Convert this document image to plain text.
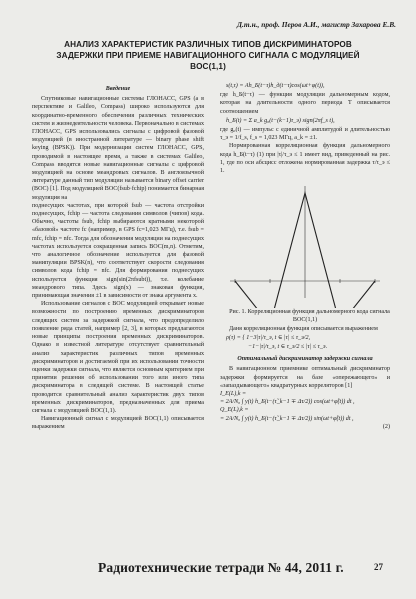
Д.т.н., проф. Перов А.И., магистр Захарова Е.В.
АНАЛИЗ ХАРАКТЕРИСТИК РАЗЛИЧНЫХ ТИПОВ ДИСКРИМИНАТОРОВ ЗАДЕРЖКИ ПРИ ПРИЕМЕ НАВИГАЦИОННОГО СИГНАЛА С МОДУЛЯЦИЕЙ BOC(1,1)
Введение

Спутниковые навигационные системы ГЛОНАСС, GPS (а в перспективе и Galileo, Compass) широко используются для координатно-временного обеспечения различных технических систем и жизнедеятельности человека. Первоначально в системах ГЛОНАСС, GPS использовались сигналы с цифровой фазовой модуляцией (в иностранной литературе — binary phase shift keying (BPSK)). При модернизации систем ГЛОНАСС, GPS, проводимой в настоящее время, а также в системах Galileo, Compass вводятся новые навигационные сигналы с цифровой модуляцией на основе меандровых сигналов. В англоязычной литературе данный тип модуляции называется binary offset carrier (BOC) [1]. Под модуляцией BOC(fsub·fchip) понимается бинарная модуляция на

поднесущих частотах, при которой fsub — частота отстройки поднесущих, fchip — частота следования символов (чипов) кода. Обычно, частоты fsub, fchip выбираются кратными некоторой «базовой» частоте fc (например, в GPS fc=1,023 МГц), т.е. fsub = mfc, fchip = nfc. Тогда для обозначения модуляции на поднесущих частотах используется сокращенная запись BOC(m,n). Отметим, что аналогичное обозначение используется для фазовой манипуляции BPSK(n), что соответствует скорости следования символов кода fchip = nfc. Для формирования поднесущих используется функция sign(sin(2πfsubt)), т.е. колебание меандрового типа. Здесь sign(x) — знаковая функция, принимающая значения ±1 в зависимости от знака аргумента x.

Использование сигналов с BOC модуляцией открывает новые возможности по построению временных дискриминаторов следящих систем за задержкой сигнала, что предопределило появление ряда статей, например [2, 3], в которых предлагаются новые принципы построения временных дискриминаторов. Однако в известной литературе отсутствует сравнительный анализ характеристик различных типов временных дискриминаторов и достигаемой при их использовании точности оценки задержки сигнала, что является основным критерием при принятии решения об использовании того или иного типа дискриминатора в следящей системе. В настоящей статье проводится сравнительный анализ характеристик двух типов временных дискриминаторов, предназначенных для приема сигнала с модуляцией BOC(1,1).

Навигационный сигнал с модуляцией BOC(1,1) описывается выражением

s(t,τ) = Ah_Б(t−τ)h_д(t−τ)cos(ωt+φ(t)),

где h_Б(t−τ) — функция модуляции дальномерным кодом, которая на длительности одного периода T описывается соотношением

h_Б(t) = Σ a_k g₀(t−(k−1)τ_э) sign(2πf_s t),

где g₀(t) — импульс с единичной амплитудой и длительностью τ_э = 1/f_s, f_s = 1,023 МГц, a_k = ±1.

Нормированная корреляционная функция дальномерного кода h_Б(t−τ) (1) при |τ|/τ_э ≤ 1 имеет вид, приведенный на рис. 1, где по оси абсцисс отложена нормированная задержка τ/τ_э ≤ 1.

Рис. 1. Корреляционная функция дальномерного кода сигнала BOC(1,1)

Даня корреляционная функция описывается выражением

ρ(τ) = { 1−3|τ|/τ_э, t ∈ |τ| ≤ τ_э/2,
−1−|τ|/τ_э, t ∈ τ_э/2 ≤ |τ| ≤ τ_э.
Оптимальный дискриминатор задержки сигнала

В навигационном приемнике оптимальный дискриминатор задержки формируется на базе «опережающего» и «запаздывающего» квадратурных корреляторов [1]

I_E(L),k =
= 2A/N₀ ∫ y(t) h_Б(t−(τ̃_k−1 ∓ Δτ/2)) cos(ωt+φ̃(t)) dt ,
Q_E(L),k =
= 2A/N₀ ∫ y(t) h_Б(t−(τ̃_k−1 ∓ Δτ/2)) sin(ωt+φ̃(t)) dt ,
(2)
Радиотехнические тетради № 44, 2011 г.	27
